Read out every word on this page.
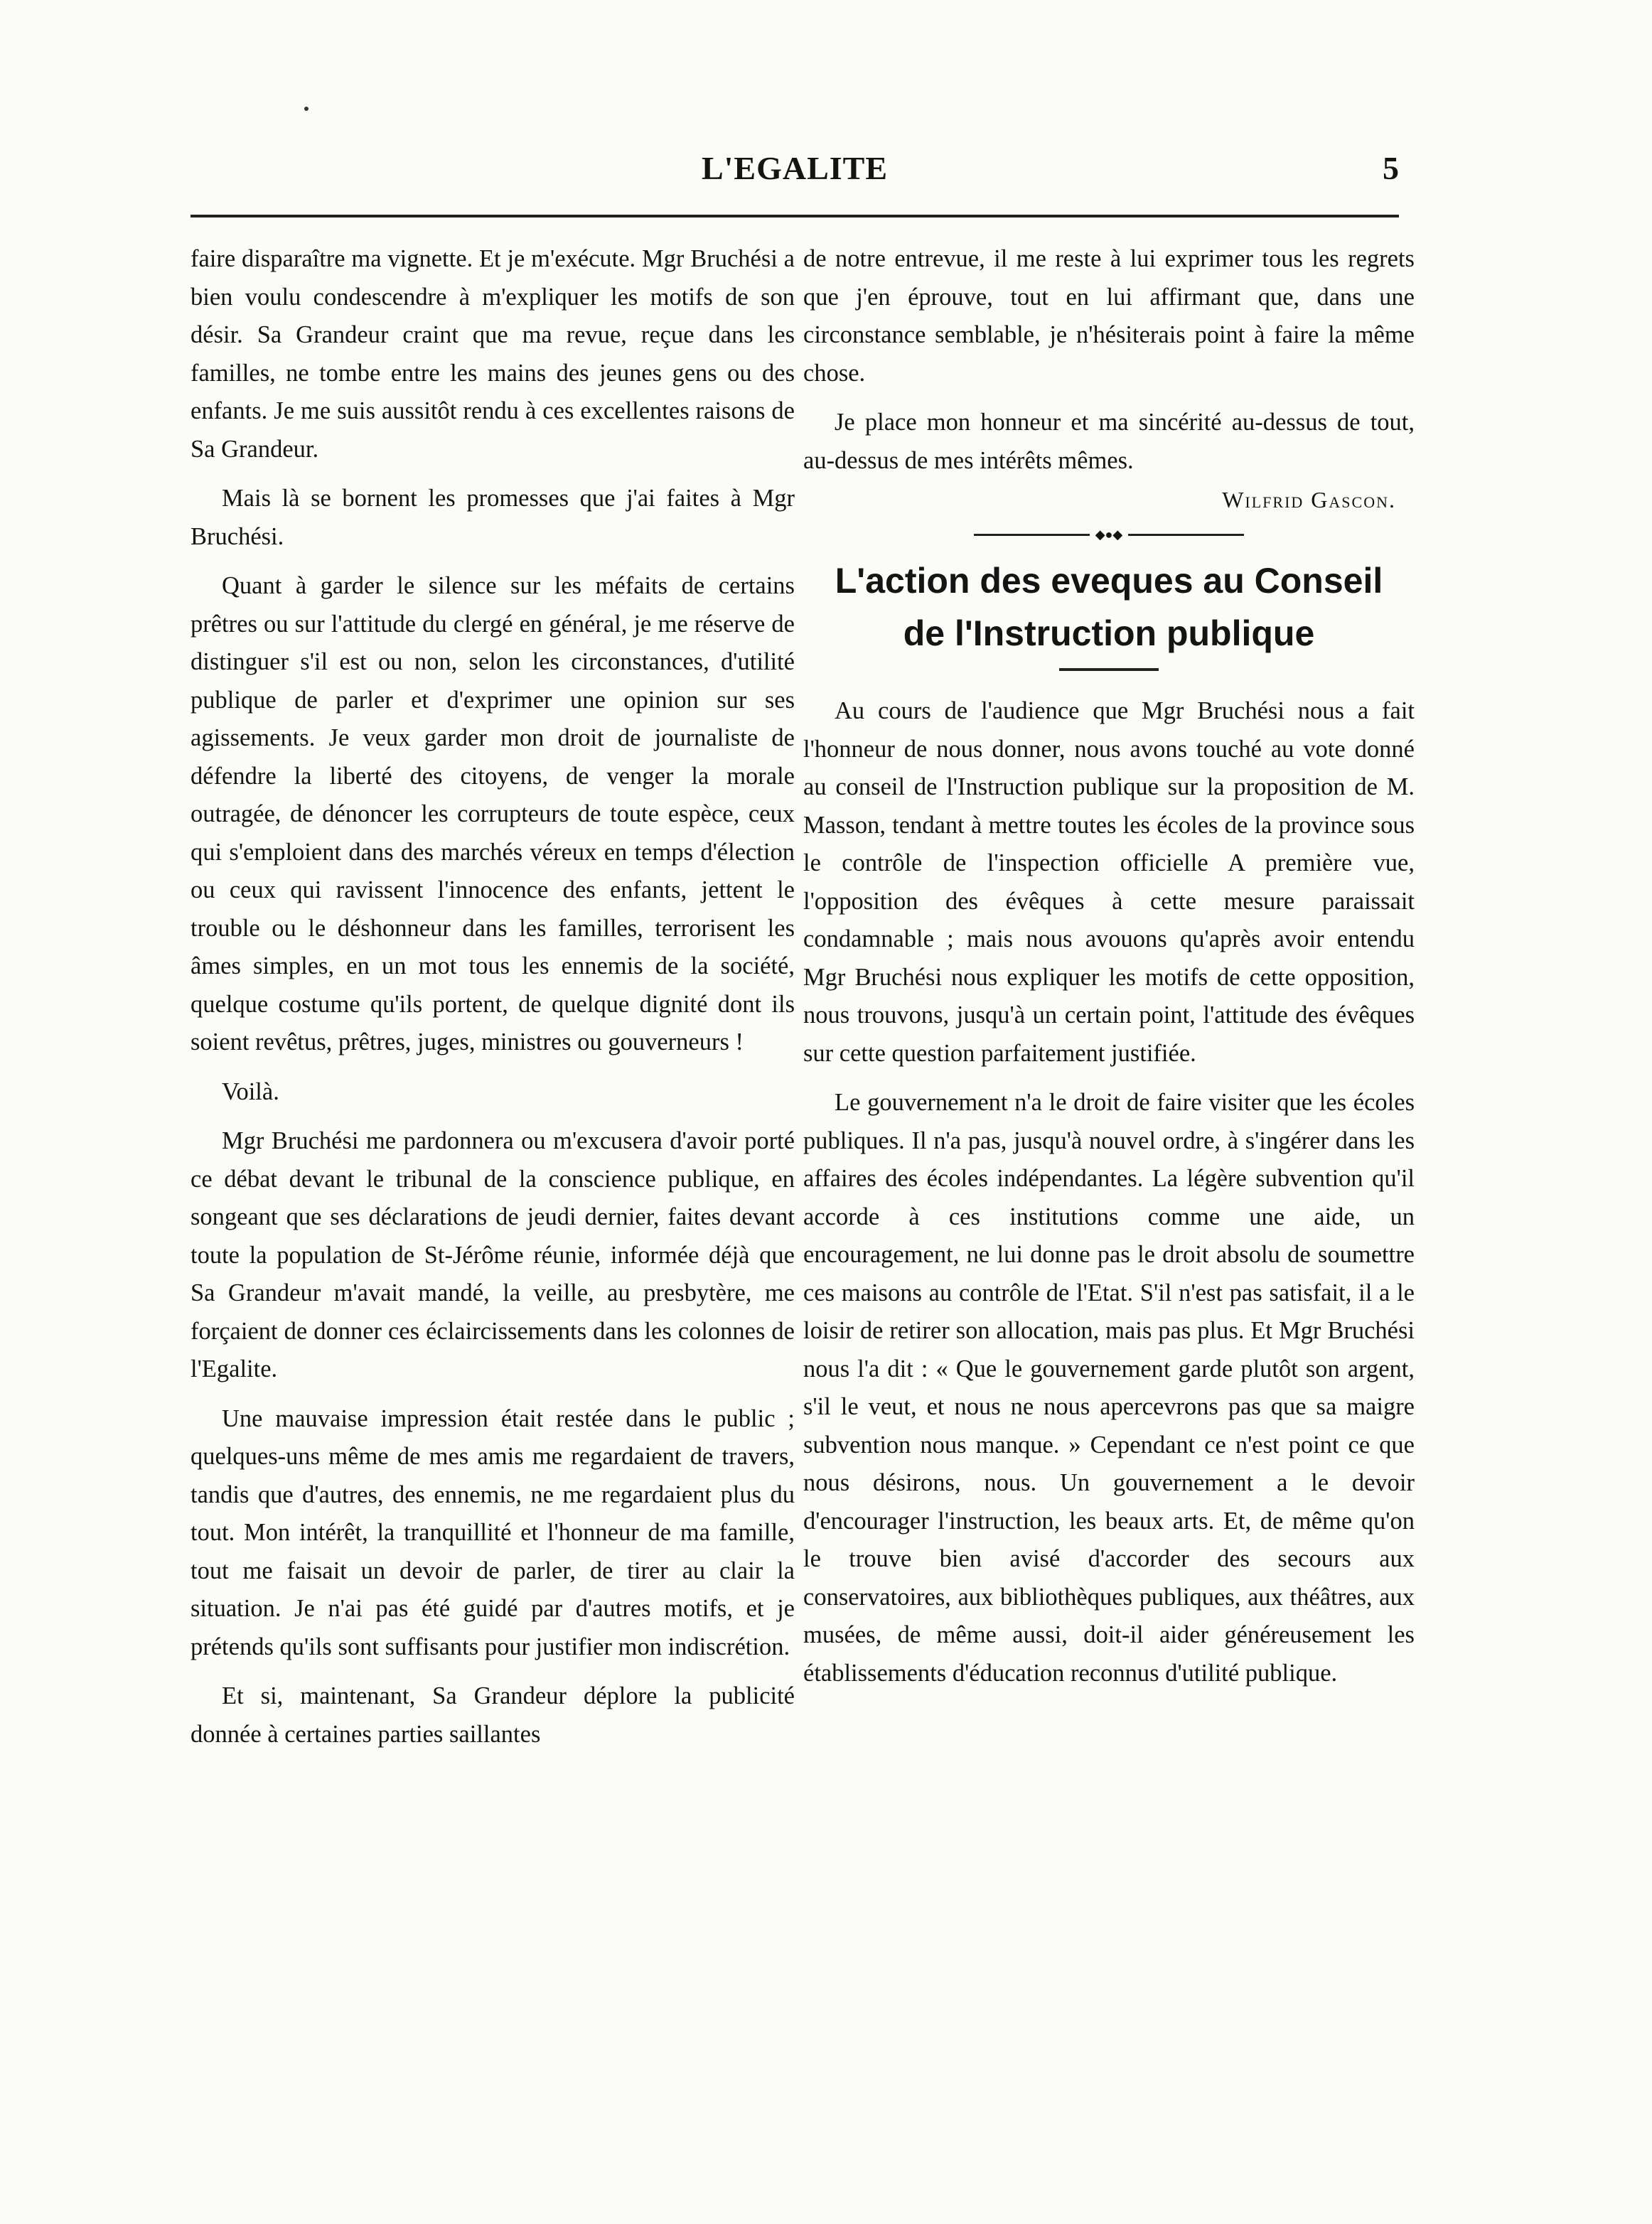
L'EGALITE	5

faire disparaître ma vignette. Et je m'exécute. Mgr Bruchési a bien voulu condescendre à m'expliquer les motifs de son désir. Sa Grandeur craint que ma revue, reçue dans les familles, ne tombe entre les mains des jeunes gens ou des enfants. Je me suis aussitôt rendu à ces excellentes raisons de Sa Grandeur.

Mais là se bornent les promesses que j'ai faites à Mgr Bruchési.

Quant à garder le silence sur les méfaits de certains prêtres ou sur l'attitude du clergé en général, je me réserve de distinguer s'il est ou non, selon les circonstances, d'utilité publique de parler et d'exprimer une opinion sur ses agissements. Je veux garder mon droit de journaliste de défendre la liberté des citoyens, de venger la morale outragée, de dénoncer les corrupteurs de toute espèce, ceux qui s'emploient dans des marchés véreux en temps d'élection ou ceux qui ravissent l'innocence des enfants, jettent le trouble ou le déshonneur dans les familles, terrorisent les âmes simples, en un mot tous les ennemis de la société, quelque costume qu'ils portent, de quelque dignité dont ils soient revêtus, prêtres, juges, ministres ou gouverneurs !

Voilà.

Mgr Bruchési me pardonnera ou m'excusera d'avoir porté ce débat devant le tribunal de la conscience publique, en songeant que ses déclarations de jeudi dernier, faites devant toute la population de St-Jérôme réunie, informée déjà que Sa Grandeur m'avait mandé, la veille, au presbytère, me forçaient de donner ces éclaircissements dans les colonnes de l'Egalite.

Une mauvaise impression était restée dans le public ; quelques-uns même de mes amis me regardaient de travers, tandis que d'autres, des ennemis, ne me regardaient plus du tout. Mon intérêt, la tranquillité et l'honneur de ma famille, tout me faisait un devoir de parler, de tirer au clair la situation. Je n'ai pas été guidé par d'autres motifs, et je prétends qu'ils sont suffisants pour justifier mon indiscrétion.

Et si, maintenant, Sa Grandeur déplore la publicité donnée à certaines parties saillantes

de notre entrevue, il me reste à lui exprimer tous les regrets que j'en éprouve, tout en lui affirmant que, dans une circonstance semblable, je n'hésiterais point à faire la même chose.

Je place mon honneur et ma sincérité au-dessus de tout, au-dessus de mes intérêts mêmes.

Wilfrid Gascon.
◆●◆
L'action des eveques au Conseil
de l'Instruction publique

Au cours de l'audience que Mgr Bruchési nous a fait l'honneur de nous donner, nous avons touché au vote donné au conseil de l'Instruction publique sur la proposition de M. Masson, tendant à mettre toutes les écoles de la province sous le contrôle de l'inspection officielle A première vue, l'opposition des évêques à cette mesure paraissait condamnable ; mais nous avouons qu'après avoir entendu Mgr Bruchési nous expliquer les motifs de cette opposition, nous trouvons, jusqu'à un certain point, l'attitude des évêques sur cette question parfaitement justifiée.

Le gouvernement n'a le droit de faire visiter que les écoles publiques. Il n'a pas, jusqu'à nouvel ordre, à s'ingérer dans les affaires des écoles indépendantes. La légère subvention qu'il accorde à ces institutions comme une aide, un encouragement, ne lui donne pas le droit absolu de soumettre ces maisons au contrôle de l'Etat. S'il n'est pas satisfait, il a le loisir de retirer son allocation, mais pas plus. Et Mgr Bruchési nous l'a dit : « Que le gouvernement garde plutôt son argent, s'il le veut, et nous ne nous apercevrons pas que sa maigre subvention nous manque. » Cependant ce n'est point ce que nous désirons, nous. Un gouvernement a le devoir d'encourager l'instruction, les beaux arts. Et, de même qu'on le trouve bien avisé d'accorder des secours aux conservatoires, aux bibliothèques publiques, aux théâtres, aux musées, de même aussi, doit-il aider généreusement les établissements d'éducation reconnus d'utilité publique.
